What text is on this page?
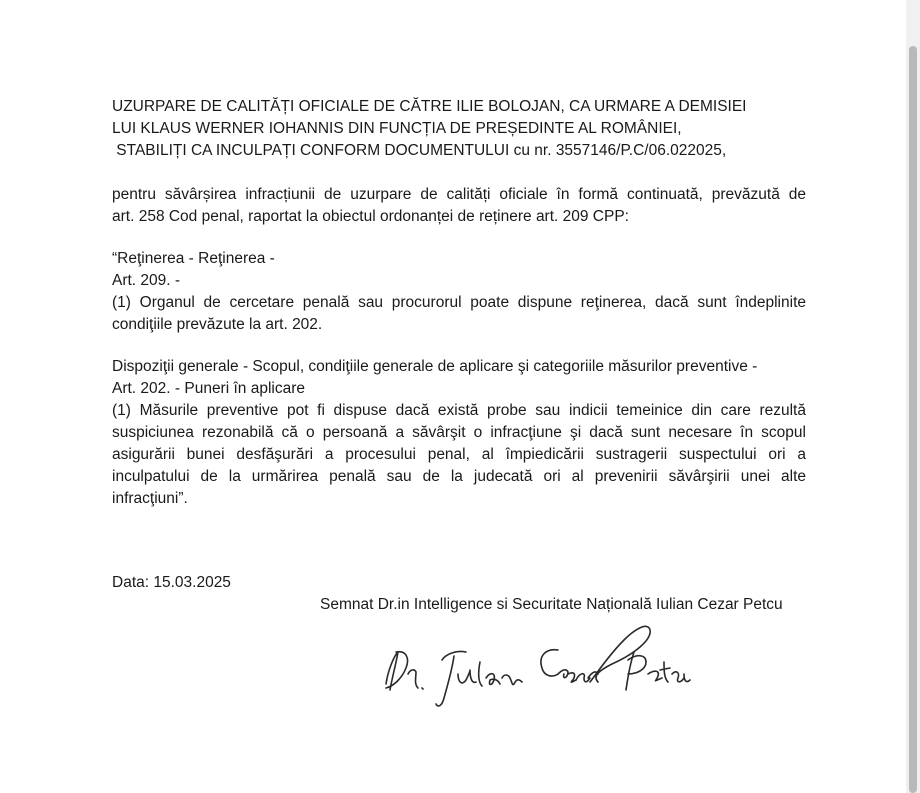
UZURPARE DE CALITĂȚI OFICIALE DE CĂTRE ILIE BOLOJAN, CA URMARE A DEMISIEI
LUI KLAUS WERNER IOHANNIS DIN FUNCȚIA DE PREȘEDINTE AL ROMÂNIEI,
STABILIȚI CA INCULPAȚI CONFORM DOCUMENTULUI cu nr. 3557146/P.C/06.022025,
pentru săvârșirea infracțiunii de uzurpare de calități oficiale în formă continuată, prevăzută de
art. 258 Cod penal, raportat la obiectul ordonanței de reținere art. 209 CPP:
“Reţinerea - Reţinerea -
Art. 209. -
(1) Organul de cercetare penală sau procurorul poate dispune reţinerea, dacă sunt îndeplinite
condiţiile prevăzute la art. 202.
Dispoziţii generale - Scopul, condiţiile generale de aplicare şi categoriile măsurilor preventive -
Art. 202. - Puneri în aplicare
(1) Măsurile preventive pot fi dispuse dacă există probe sau indicii temeinice din care rezultă
suspiciunea rezonabilă că o persoană a săvârşit o infracţiune şi dacă sunt necesare în scopul
asigurării bunei desfăşurări a procesului penal, al împiedicării sustragerii suspectului ori a
inculpatului de la urmărirea penală sau de la judecată ori al prevenirii săvârşirii unei alte
infracţiuni”.
Data: 15.03.2025
Semnat Dr.in Intelligence si Securitate Națională Iulian Cezar Petcu
